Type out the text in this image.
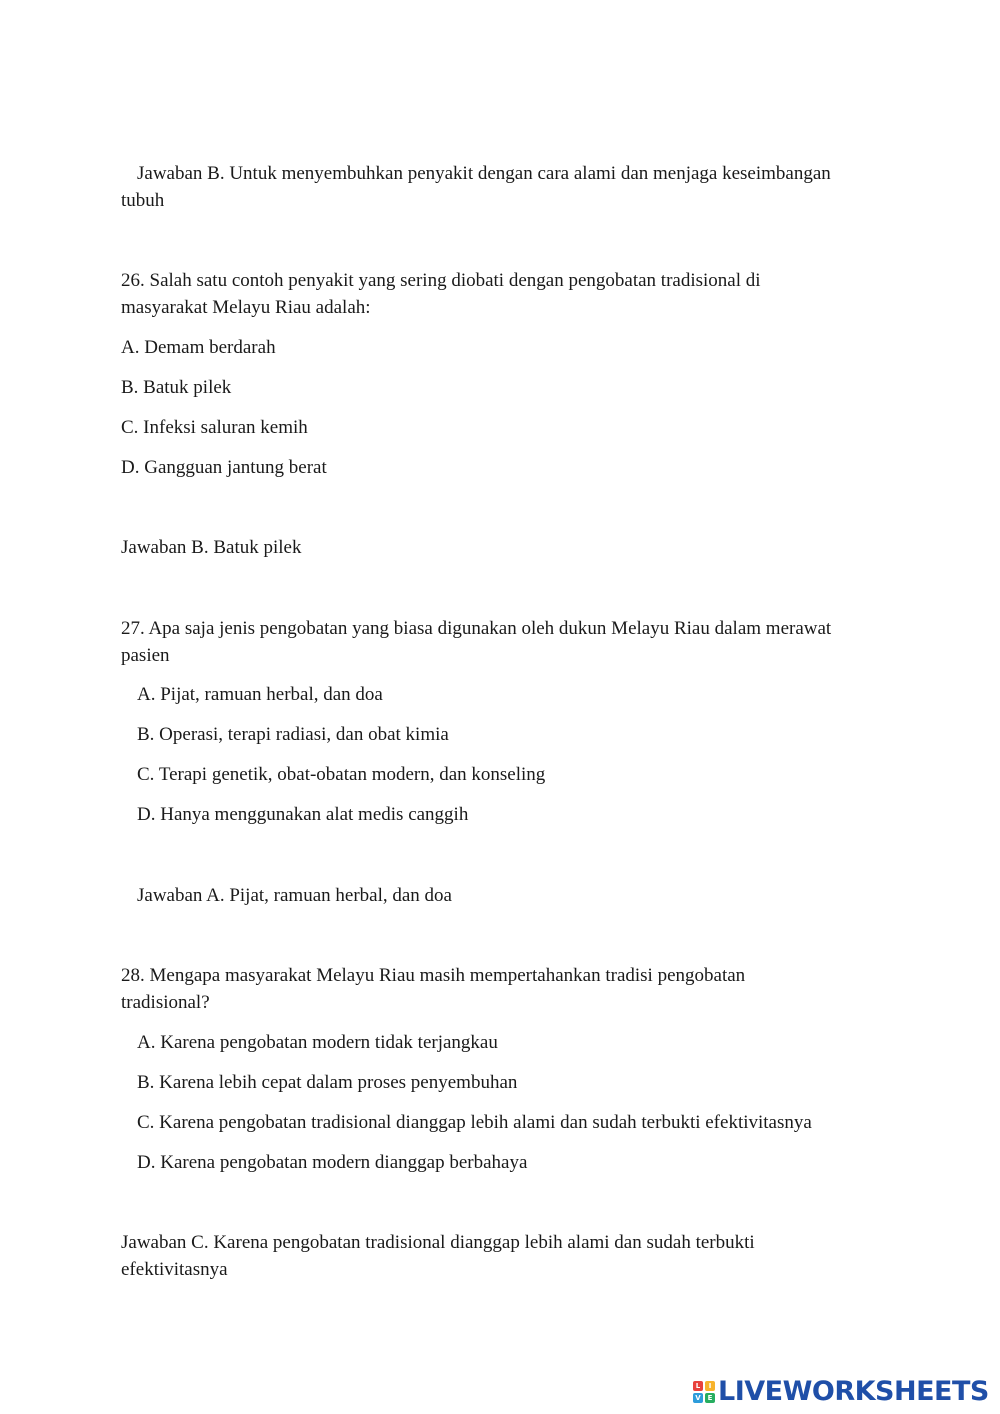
Jawaban B. Untuk menyembuhkan penyakit dengan cara alami dan menjaga keseimbangan
tubuh
26. Salah satu contoh penyakit yang sering diobati dengan pengobatan tradisional di
masyarakat Melayu Riau adalah:
A. Demam berdarah
B. Batuk pilek
C. Infeksi saluran kemih
D. Gangguan jantung berat
Jawaban B. Batuk pilek
27. Apa saja jenis pengobatan yang biasa digunakan oleh dukun Melayu Riau dalam merawat
pasien
A. Pijat, ramuan herbal, dan doa
B. Operasi, terapi radiasi, dan obat kimia
C. Terapi genetik, obat-obatan modern, dan konseling
D. Hanya menggunakan alat medis canggih
Jawaban A. Pijat, ramuan herbal, dan doa
28. Mengapa masyarakat Melayu Riau masih mempertahankan tradisi pengobatan
tradisional?
A. Karena pengobatan modern tidak terjangkau
B. Karena lebih cepat dalam proses penyembuhan
C. Karena pengobatan tradisional dianggap lebih alami dan sudah terbukti efektivitasnya
D. Karena pengobatan modern dianggap berbahaya
Jawaban C. Karena pengobatan tradisional dianggap lebih alami dan sudah terbukti
efektivitasnya
L	I
V E LIVEWORKSHEETS
